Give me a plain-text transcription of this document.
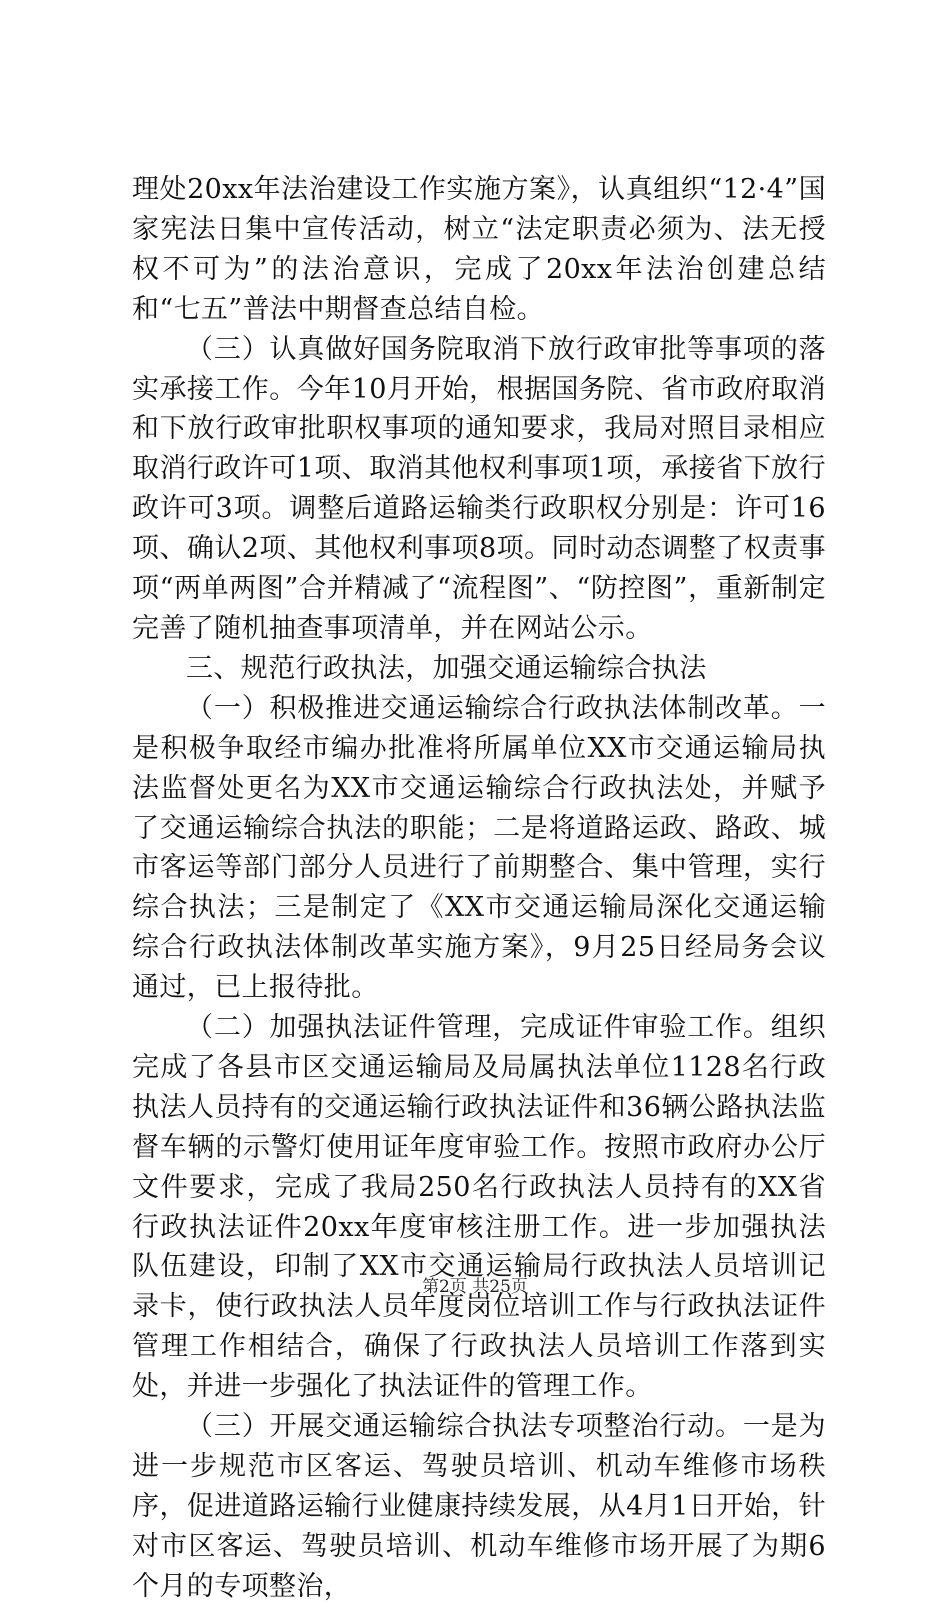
理处20xx年法治建设工作实施方案》，认真组织“12·4”国家宪法日集中宣传活动，树立“法定职责必须为、法无授权不可为”的法治意识，完成了20xx年法治创建总结和“七五”普法中期督查总结自检。

（三）认真做好国务院取消下放行政审批等事项的落实承接工作。今年10月开始，根据国务院、省市政府取消和下放行政审批职权事项的通知要求，我局对照目录相应取消行政许可1项、取消其他权利事项1项，承接省下放行政许可3项。调整后道路运输类行政职权分别是：许可16项、确认2项、其他权利事项8项。同时动态调整了权责事项“两单两图”合并精减了“流程图”、“防控图”，重新制定完善了随机抽查事项清单，并在网站公示。

三、规范行政执法，加强交通运输综合执法

（一）积极推进交通运输综合行政执法体制改革。一是积极争取经市编办批准将所属单位XX市交通运输局执法监督处更名为XX市交通运输综合行政执法处，并赋予了交通运输综合执法的职能；二是将道路运政、路政、城市客运等部门部分人员进行了前期整合、集中管理，实行综合执法；三是制定了《XX市交通运输局深化交通运输综合行政执法体制改革实施方案》，9月25日经局务会议通过，已上报待批。

（二）加强执法证件管理，完成证件审验工作。组织完成了各县市区交通运输局及局属执法单位1128名行政执法人员持有的交通运输行政执法证件和36辆公路执法监督车辆的示警灯使用证年度审验工作。按照市政府办公厅文件要求，完成了我局250名行政执法人员持有的XX省行政执法证件20xx年度审核注册工作。进一步加强执法队伍建设，印制了XX市交通运输局行政执法人员培训记录卡，使行政执法人员年度岗位培训工作与行政执法证件管理工作相结合，确保了行政执法人员培训工作落到实处，并进一步强化了执法证件的管理工作。

（三）开展交通运输综合执法专项整治行动。一是为进一步规范市区客运、驾驶员培训、机动车维修市场秩序，促进道路运输行业健康持续发展，从4月1日开始，针对市区客运、驾驶员培训、机动车维修市场开展了为期6个月的专项整治，

第2页 共25页
